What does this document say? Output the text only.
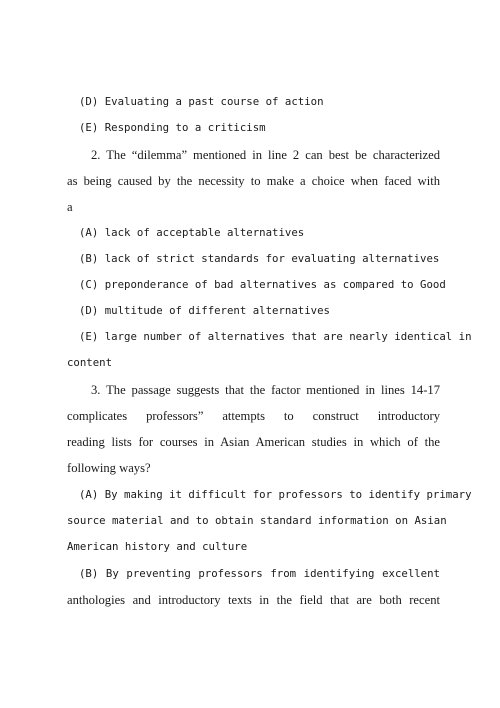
(D) Evaluating a past course of action
(E) Responding to a criticism
2. The “dilemma” mentioned in line 2 can best be characterized
as being caused by the necessity to make a choice when faced with
a
(A) lack of acceptable alternatives
(B) lack of strict standards for evaluating alternatives
(C) preponderance of bad alternatives as compared to Good
(D) multitude of different alternatives
(E) large number of alternatives that are nearly identical in
content
3. The passage suggests that the factor mentioned in lines 14-17
complicates professors” attempts to construct introductory
reading lists for courses in Asian American studies in which of the
following ways?
(A) By making it difficult for professors to identify primary
source material and to obtain standard information on Asian
American history and culture
(B) By preventing professors from identifying excellent
anthologies and introductory texts in the field that are both recent
